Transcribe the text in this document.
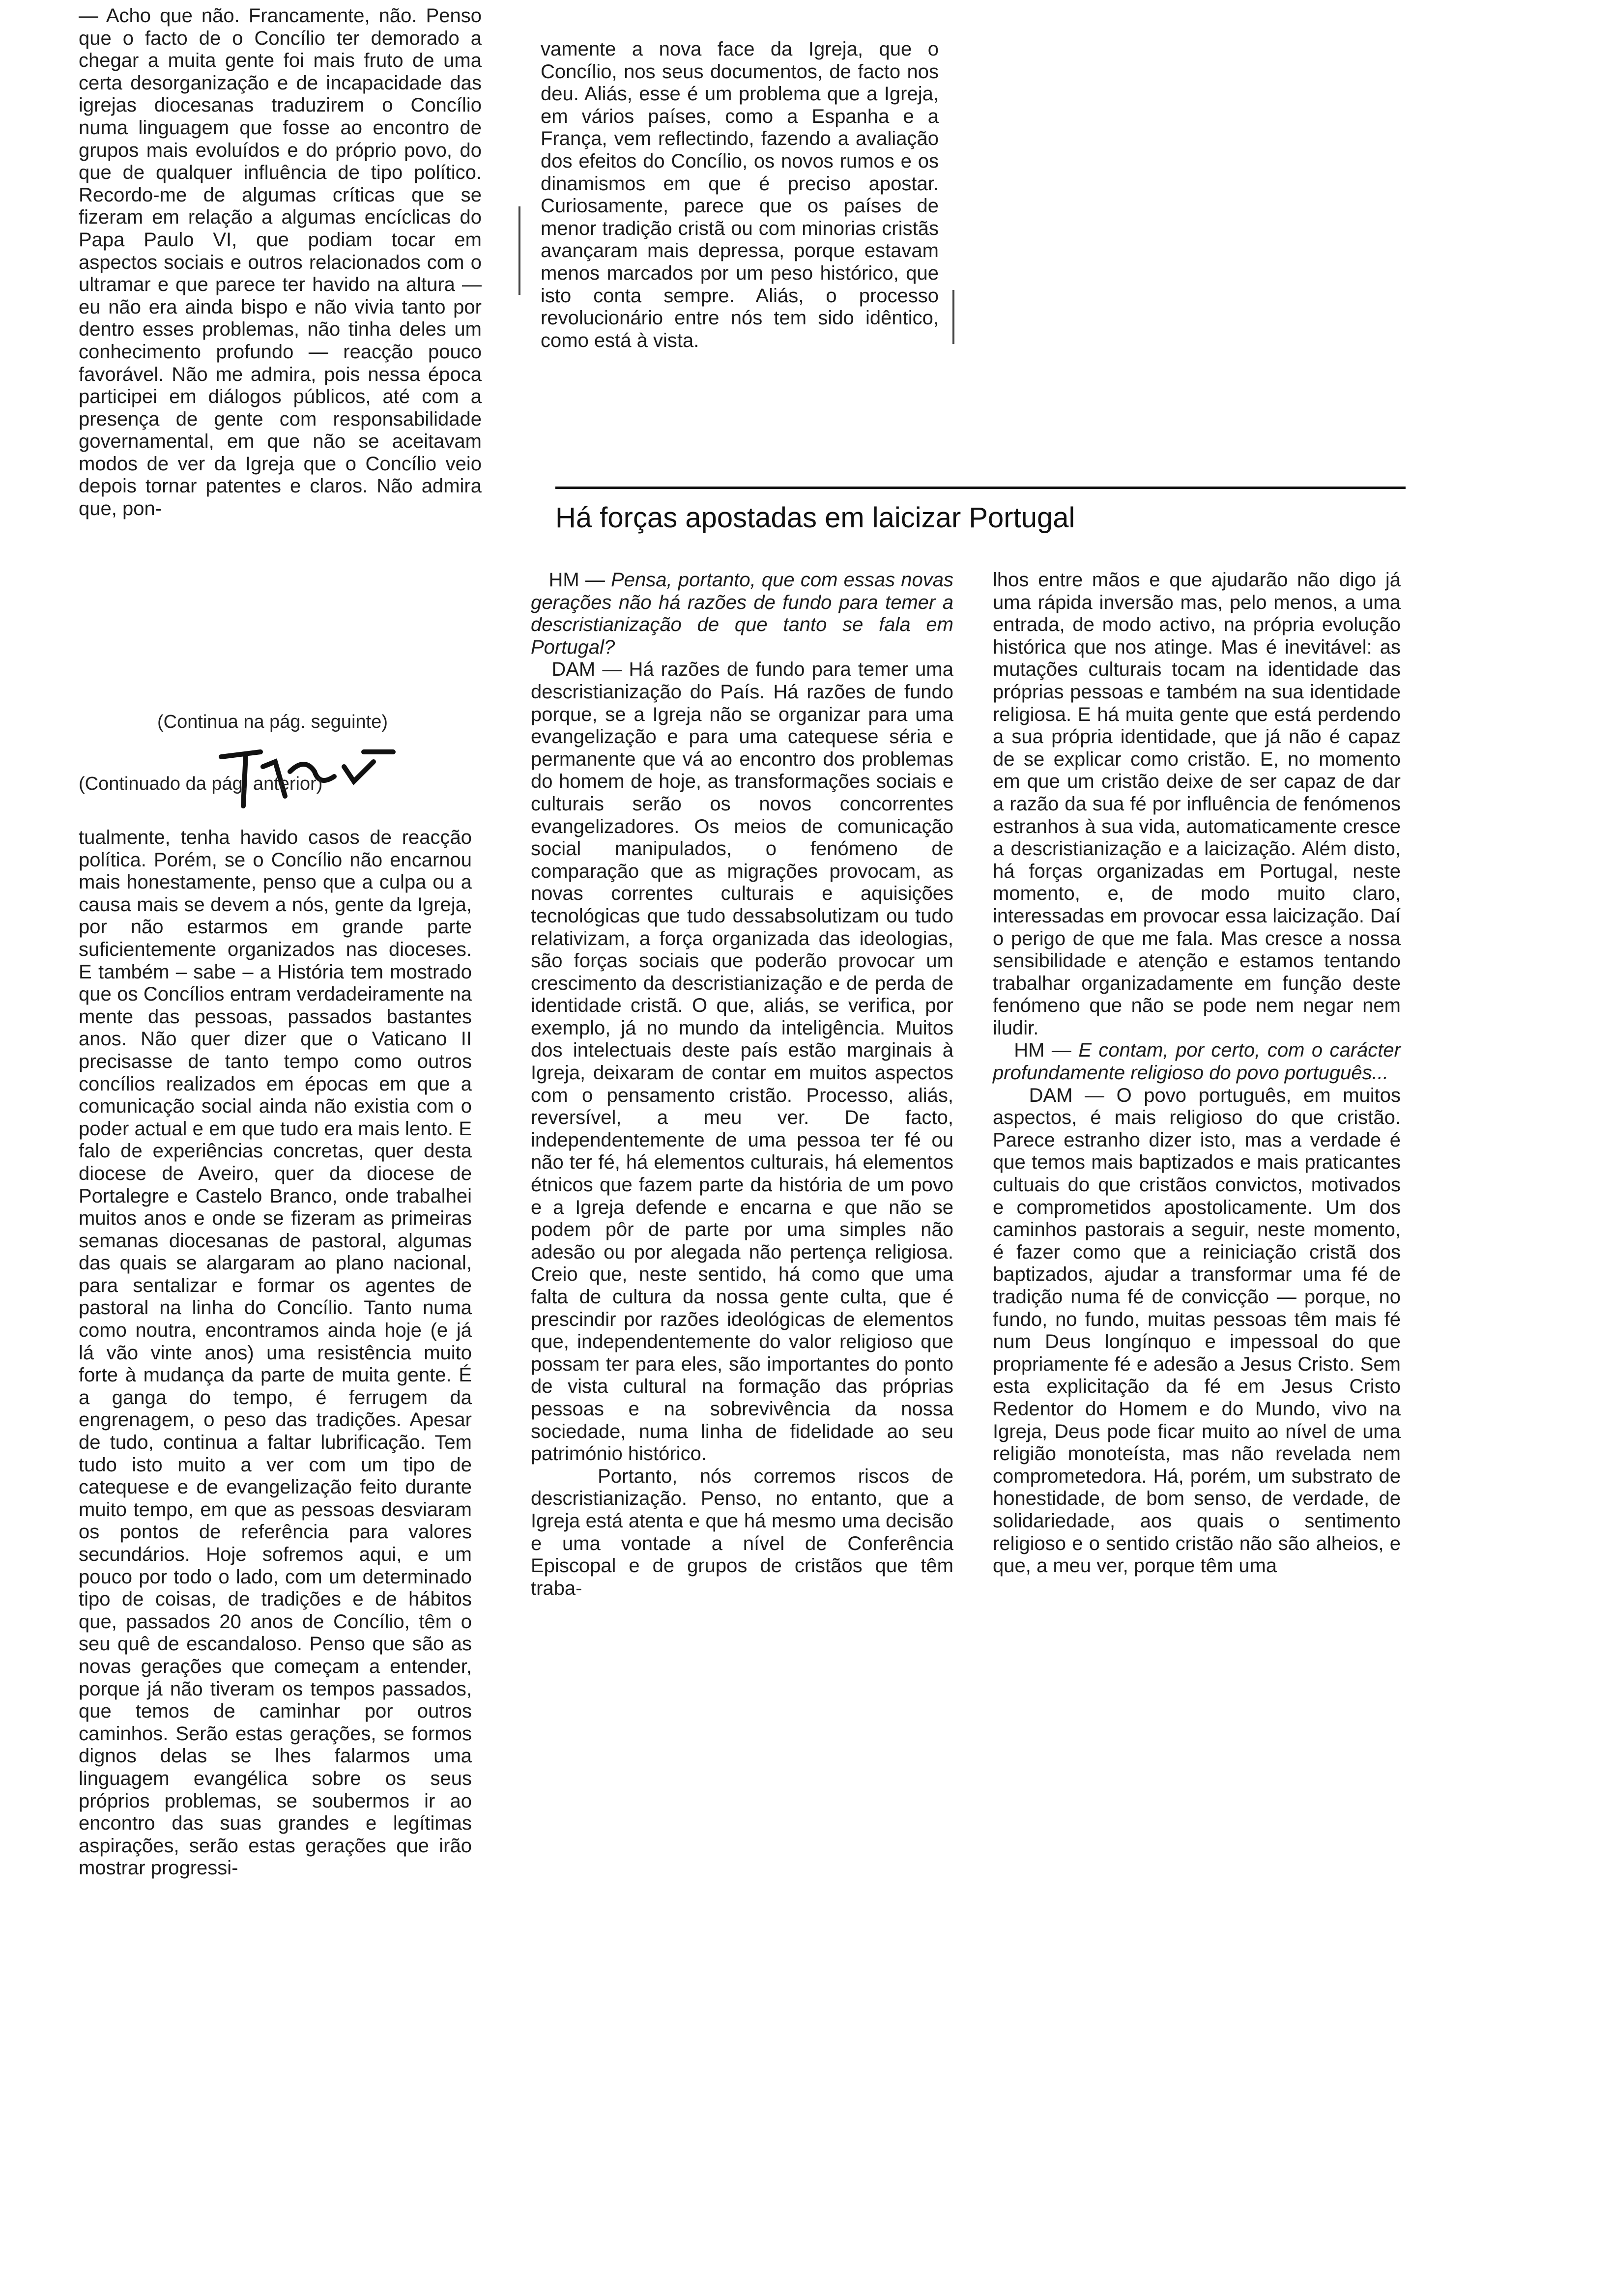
— Acho que não. Francamente, não. Penso que o facto de o Concílio ter demorado a chegar a muita gente foi mais fruto de uma certa desorganização e de incapacidade das igrejas diocesanas traduzirem o Concílio numa linguagem que fosse ao encontro de grupos mais evoluídos e do próprio povo, do que de qualquer influência de tipo político. Recordo-me de algumas críticas que se fizeram em relação a algumas encíclicas do Papa Paulo VI, que podiam tocar em aspectos sociais e outros relacionados com o ultramar e que parece ter havido na altura — eu não era ainda bispo e não vivia tanto por dentro esses problemas, não tinha deles um conhecimento profundo — reacção pouco favorável. Não me admira, pois nessa época participei em diálogos públicos, até com a presença de gente com responsabilidade governamental, em que não se aceitavam modos de ver da Igreja que o Concílio veio depois tornar patentes e claros. Não admira que, pon-

(Continua na pág. seguinte)

(Continuado da pág. anterior)

tualmente, tenha havido casos de reacção política. Porém, se o Concílio não encarnou mais honestamente, penso que a culpa ou a causa mais se devem a nós, gente da Igreja, por não estarmos em grande parte suficientemente organizados nas dioceses. E também – sabe – a História tem mostrado que os Concílios entram verdadeiramente na mente das pessoas, passados bastantes anos. Não quer dizer que o Vaticano II precisasse de tanto tempo como outros concílios realizados em épocas em que a comunicação social ainda não existia com o poder actual e em que tudo era mais lento. E falo de experiências concretas, quer desta diocese de Aveiro, quer da diocese de Portalegre e Castelo Branco, onde trabalhei muitos anos e onde se fizeram as primeiras semanas diocesanas de pastoral, algumas das quais se alargaram ao plano nacional, para sentalizar e formar os agentes de pastoral na linha do Concílio. Tanto numa como noutra, encontramos ainda hoje (e já lá vão vinte anos) uma resistência muito forte à mudança da parte de muita gente. É a ganga do tempo, é ferrugem da engrenagem, o peso das tradições. Apesar de tudo, continua a faltar lubrificação. Tem tudo isto muito a ver com um tipo de catequese e de evangelização feito durante muito tempo, em que as pessoas desviaram os pontos de referência para valores secundários. Hoje sofremos aqui, e um pouco por todo o lado, com um determinado tipo de coisas, de tradições e de hábitos que, passados 20 anos de Concílio, têm o seu quê de escandaloso. Penso que são as novas gerações que começam a entender, porque já não tiveram os tempos passados, que temos de caminhar por outros caminhos. Serão estas gerações, se formos dignos delas se lhes falarmos uma linguagem evangélica sobre os seus próprios problemas, se soubermos ir ao encontro das suas grandes e legítimas aspirações, serão estas gerações que irão mostrar progressi-

vamente a nova face da Igreja, que o Concílio, nos seus documentos, de facto nos deu. Aliás, esse é um problema que a Igreja, em vários países, como a Espanha e a França, vem reflectindo, fazendo a avaliação dos efeitos do Concílio, os novos rumos e os dinamismos em que é preciso apostar. Curiosamente, parece que os países de menor tradição cristã ou com minorias cristãs avançaram mais depressa, porque estavam menos marcados por um peso histórico, que isto conta sempre. Aliás, o processo revolucionário entre nós tem sido idêntico, como está à vista.

Há forças apostadas em laicizar Portugal

HM — Pensa, portanto, que com essas novas gerações não há razões de fundo para temer a descristianização de que tanto se fala em Portugal?

DAM — Há razões de fundo para temer uma descristianização do País. Há razões de fundo porque, se a Igreja não se organizar para uma evangelização e para uma catequese séria e permanente que vá ao encontro dos problemas do homem de hoje, as transformações sociais e culturais serão os novos concorrentes evangelizadores. Os meios de comunicação social manipulados, o fenómeno de comparação que as migrações provocam, as novas correntes culturais e aquisições tecnológicas que tudo dessabsolutizam ou tudo relativizam, a força organizada das ideologias, são forças sociais que poderão provocar um crescimento da descristianização e de perda de identidade cristã. O que, aliás, se verifica, por exemplo, já no mundo da inteligência. Muitos dos intelectuais deste país estão marginais à Igreja, deixaram de contar em muitos aspectos com o pensamento cristão. Processo, aliás, reversível, a meu ver. De facto, independentemente de uma pessoa ter fé ou não ter fé, há elementos culturais, há elementos étnicos que fazem parte da história de um povo e a Igreja defende e encarna e que não se podem pôr de parte por uma simples não adesão ou por alegada não pertença religiosa. Creio que, neste sentido, há como que uma falta de cultura da nossa gente culta, que é prescindir por razões ideológicas de elementos que, independentemente do valor religioso que possam ter para eles, são importantes do ponto de vista cultural na formação das próprias pessoas e na sobrevivência da nossa sociedade, numa linha de fidelidade ao seu património histórico.

Portanto, nós corremos riscos de descristianização. Penso, no entanto, que a Igreja está atenta e que há mesmo uma decisão e uma vontade a nível de Conferência Episcopal e de grupos de cristãos que têm traba-

lhos entre mãos e que ajudarão não digo já uma rápida inversão mas, pelo menos, a uma entrada, de modo activo, na própria evolução histórica que nos atinge. Mas é inevitável: as mutações culturais tocam na identidade das próprias pessoas e também na sua identidade religiosa. E há muita gente que está perdendo a sua própria identidade, que já não é capaz de se explicar como cristão. E, no momento em que um cristão deixe de ser capaz de dar a razão da sua fé por influência de fenómenos estranhos à sua vida, automaticamente cresce a descristianização e a laicização. Além disto, há forças organizadas em Portugal, neste momento, e, de modo muito claro, interessadas em provocar essa laicização. Daí o perigo de que me fala. Mas cresce a nossa sensibilidade e atenção e estamos tentando trabalhar organizadamente em função deste fenómeno que não se pode nem negar nem iludir.

HM — E contam, por certo, com o carácter profundamente religioso do povo português...

DAM — O povo português, em muitos aspectos, é mais religioso do que cristão. Parece estranho dizer isto, mas a verdade é que temos mais baptizados e mais praticantes cultuais do que cristãos convictos, motivados e comprometidos apostolicamente. Um dos caminhos pastorais a seguir, neste momento, é fazer como que a reiniciação cristã dos baptizados, ajudar a transformar uma fé de tradição numa fé de convicção — porque, no fundo, no fundo, muitas pessoas têm mais fé num Deus longínquo e impessoal do que propriamente fé e adesão a Jesus Cristo. Sem esta explicitação da fé em Jesus Cristo Redentor do Homem e do Mundo, vivo na Igreja, Deus pode ficar muito ao nível de uma religião monoteísta, mas não revelada nem comprometedora. Há, porém, um substrato de honestidade, de bom senso, de verdade, de solidariedade, aos quais o sentimento religioso e o sentido cristão não são alheios, e que, a meu ver, porque têm uma
